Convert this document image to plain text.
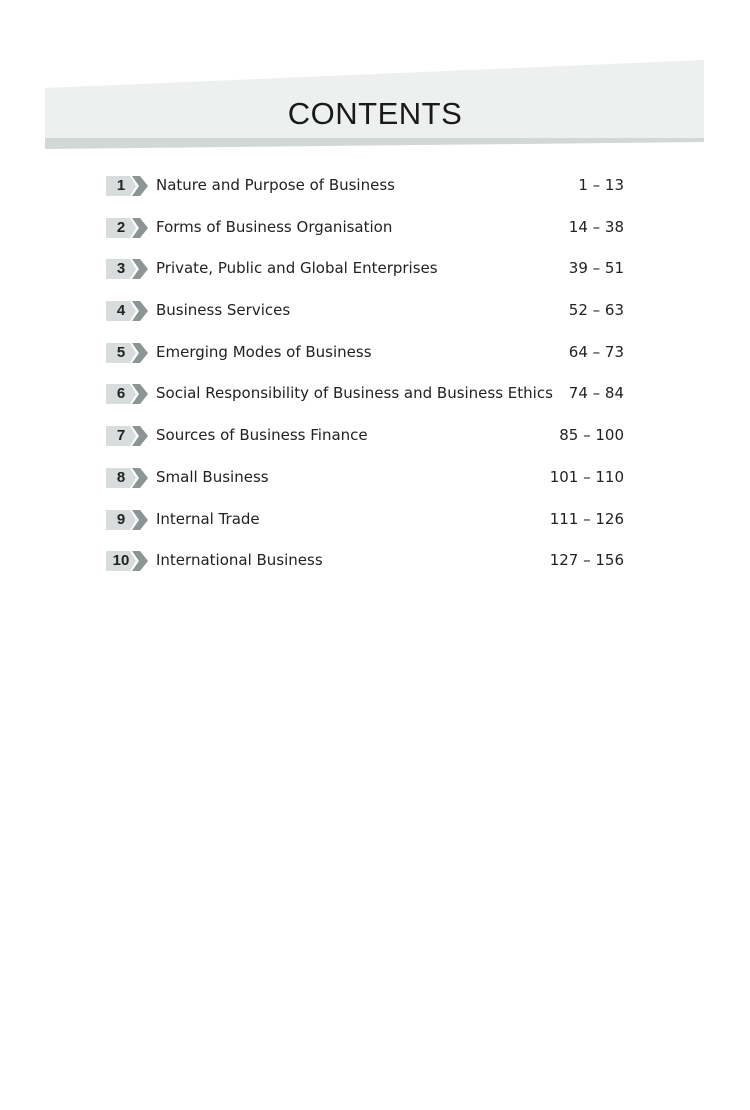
CONTENTS
1	Nature and Purpose of Business	1 – 13
2	Forms of Business Organisation	14 – 38
3	Private, Public and Global Enterprises	39 – 51
4	Business Services	52 – 63
5	Emerging Modes of Business	64 – 73
6	Social Responsibility of Business and Business Ethics 74 – 84
7	Sources of Business Finance	85 – 100
8	Small Business	101 – 110
9	Internal Trade	111 – 126
10	International Business	127 – 156
